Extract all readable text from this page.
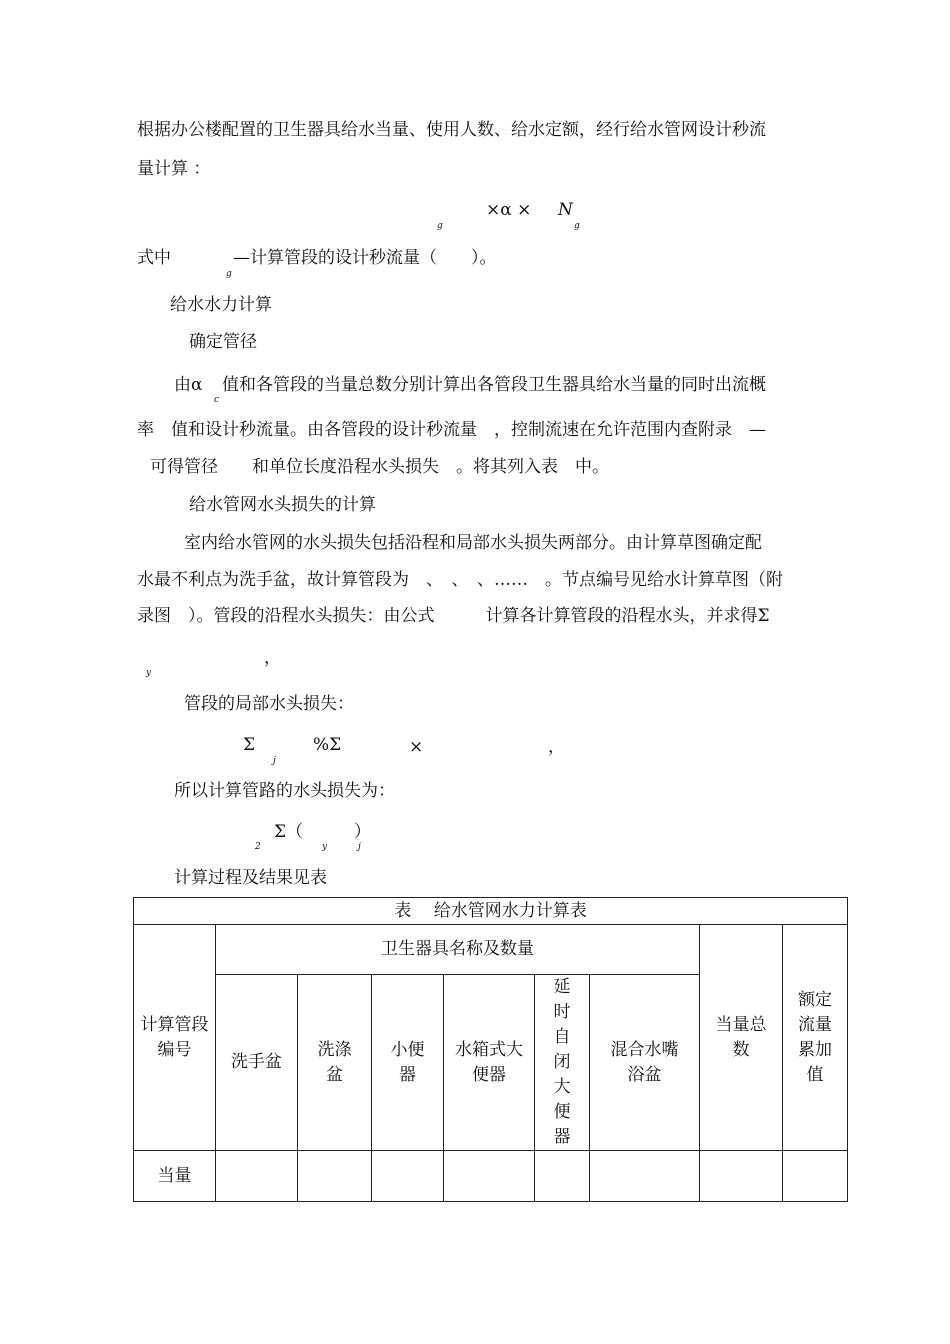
根据办公楼配置的卫生器具给水当量、使用人数、给水定额，经行给水管网设计秒流
量计算 ：
g
×α × N
g
式中	—计算管段的设计秒流量（　　）。
g
给水水力计算
确定管径
由α
c
值和各管段的当量总数分别计算出各管段卫生器具给水当量的同时出流概
率　值和设计秒流量。由各管段的设计秒流量　，控制流速在允许范围内查附录　—
可得管径　　和单位长度沿程水头损失　。将其列入表　中。
给水管网水头损失的计算
室内给水管网的水头损失包括沿程和局部水头损失两部分。由计算草图确定配
水最不利点为洗手盆，故计算管段为　、　、　、……　。节点编号见给水计算草图（附
录图　）。管段的沿程水头损失：由公式　　　计算各计算管段的沿程水头，并求得Σ
y
，
管段的局部水头损失：
Σ
j
%Σ	×	，
所以计算管路的水头损失为：
2
Σ（　　　）
y	j
计算过程及结果见表
表　 给水管网水力计算表								

计算管段编号	卫生器具名称及数量						当量总数	额定流量累加值

	洗手盆	洗涤盆	小便器	水箱式大便器	延时自闭大便器	混合水嘴浴盆		

当量								
